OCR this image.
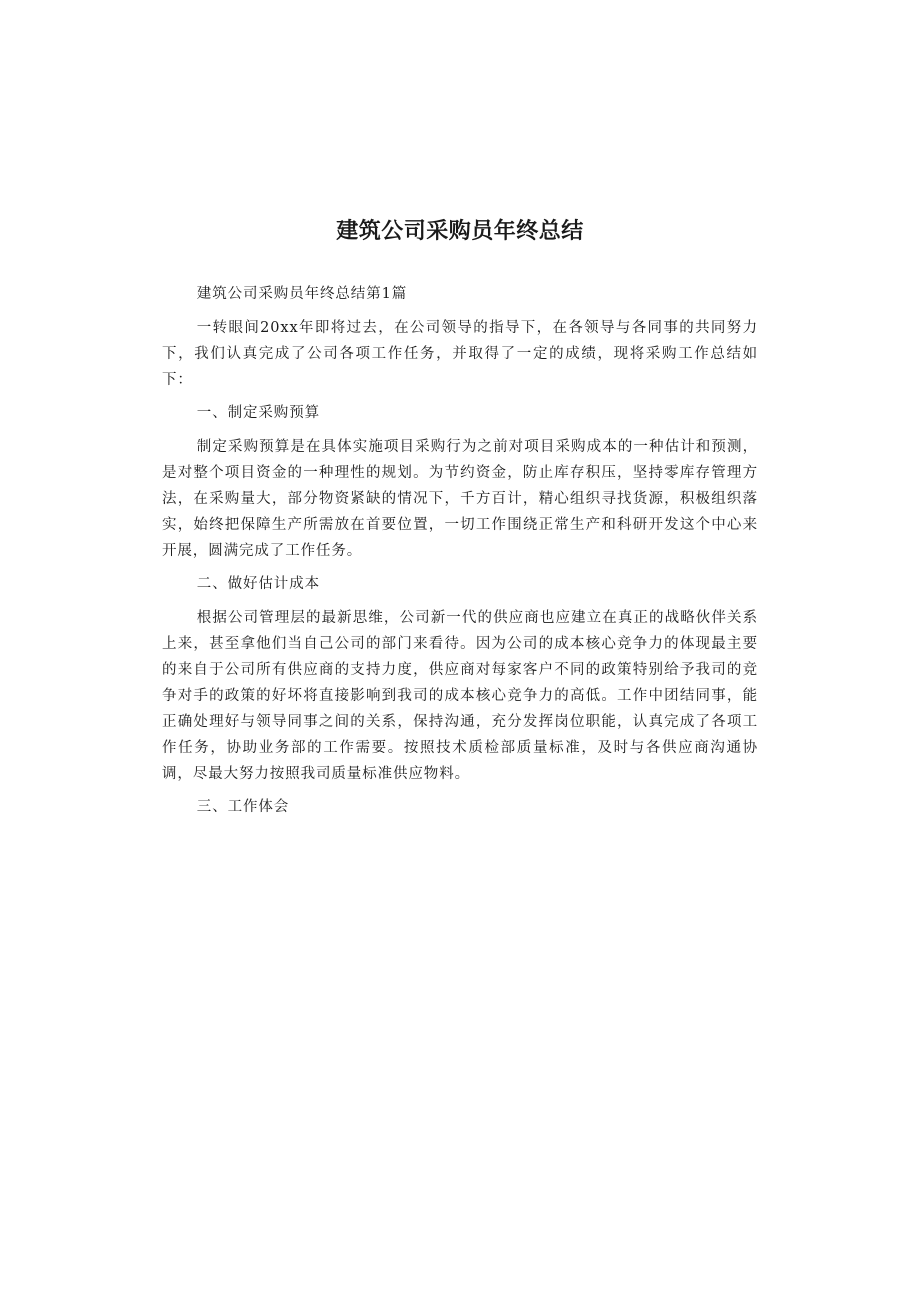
建筑公司采购员年终总结

建筑公司采购员年终总结第1篇

一转眼间20xx年即将过去，在公司领导的指导下，在各领导与各同事的共同努力下，我们认真完成了公司各项工作任务，并取得了一定的成绩，现将采购工作总结如下：

一、制定采购预算

制定采购预算是在具体实施项目采购行为之前对项目采购成本的一种估计和预测，是对整个项目资金的一种理性的规划。为节约资金，防止库存积压，坚持零库存管理方法，在采购量大，部分物资紧缺的情况下，千方百计，精心组织寻找货源，积极组织落实，始终把保障生产所需放在首要位置，一切工作围绕正常生产和科研开发这个中心来开展，圆满完成了工作任务。

二、做好估计成本

根据公司管理层的最新思维，公司新一代的供应商也应建立在真正的战略伙伴关系上来，甚至拿他们当自己公司的部门来看待。因为公司的成本核心竞争力的体现最主要的来自于公司所有供应商的支持力度，供应商对每家客户不同的政策特别给予我司的竞争对手的政策的好坏将直接影响到我司的成本核心竞争力的高低。工作中团结同事，能正确处理好与领导同事之间的关系，保持沟通，充分发挥岗位职能，认真完成了各项工作任务，协助业务部的工作需要。按照技术质检部质量标准，及时与各供应商沟通协调，尽最大努力按照我司质量标准供应物料。

三、工作体会
